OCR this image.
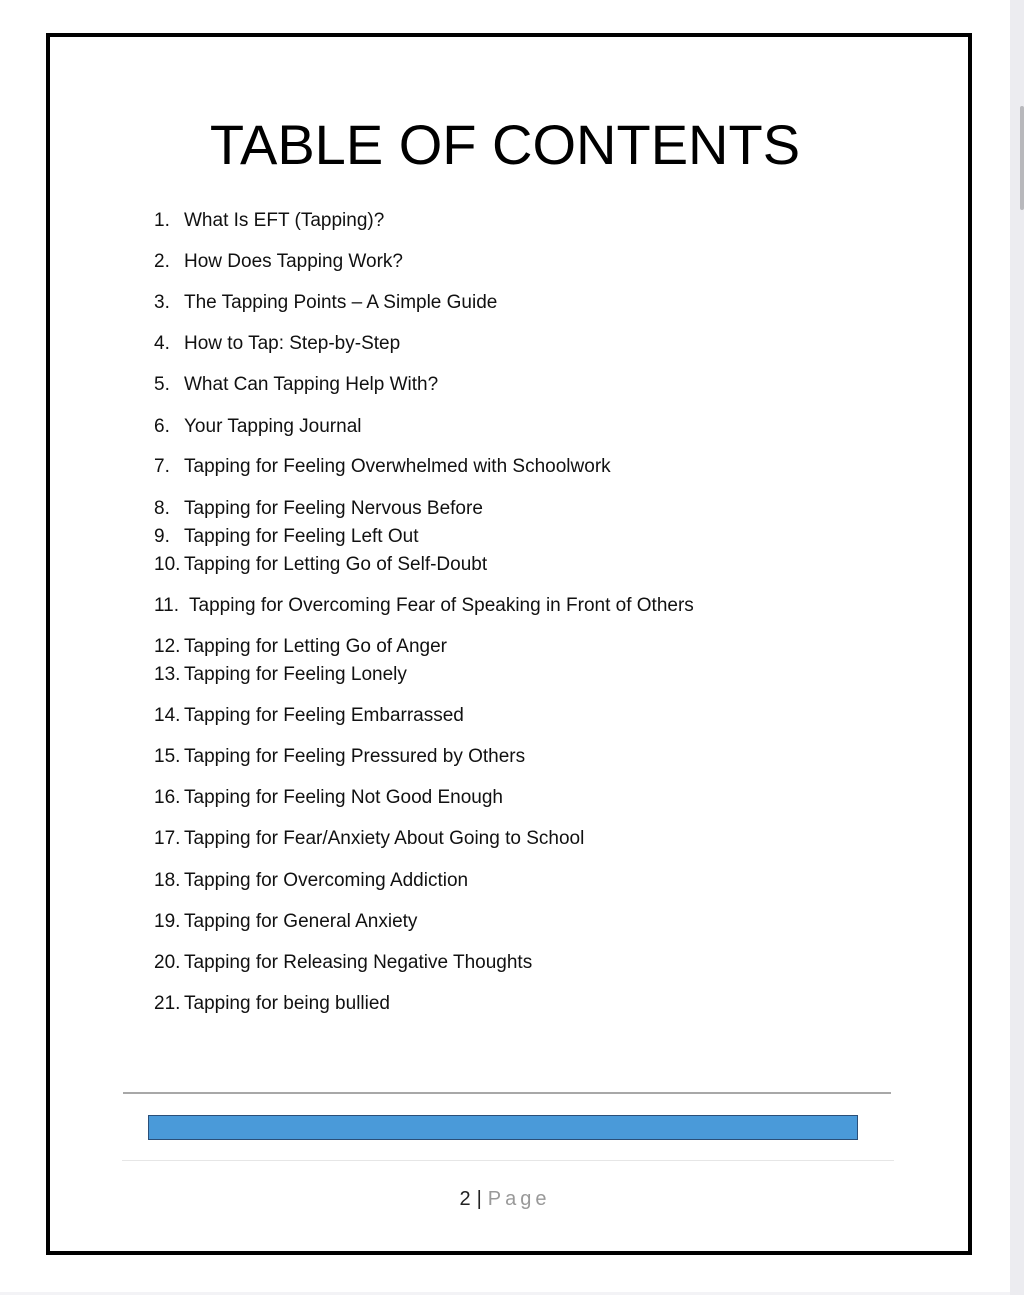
TABLE OF CONTENTS
1. What Is EFT (Tapping)?
2. How Does Tapping Work?
3. The Tapping Points – A Simple Guide
4. How to Tap: Step-by-Step
5. What Can Tapping Help With?
6. Your Tapping Journal
7. Tapping for Feeling Overwhelmed with Schoolwork
8. Tapping for Feeling Nervous Before
9. Tapping for Feeling Left Out
10. Tapping for Letting Go of Self-Doubt
11. Tapping for Overcoming Fear of Speaking in Front of Others
12. Tapping for Letting Go of Anger
13. Tapping for Feeling Lonely
14. Tapping for Feeling Embarrassed
15. Tapping for Feeling Pressured by Others
16. Tapping for Feeling Not Good Enough
17. Tapping for Fear/Anxiety About Going to School
18. Tapping for Overcoming Addiction
19. Tapping for General Anxiety
20. Tapping for Releasing Negative Thoughts
21. Tapping for being bullied
2 | Page
